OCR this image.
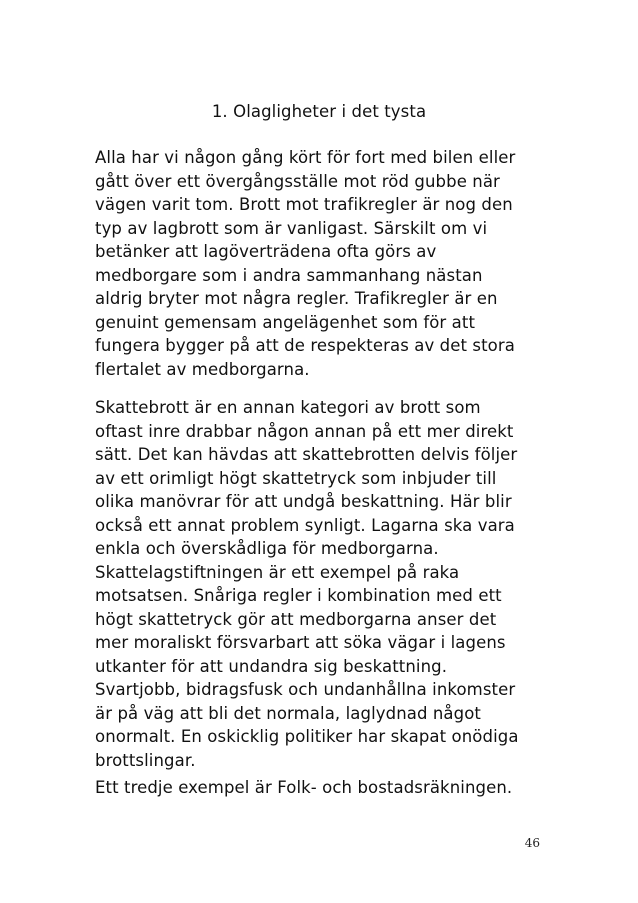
1. Olagligheter i det tysta
Alla har vi någon gång kört för fort med bilen eller
gått över ett övergångsställe mot röd gubbe när
vägen varit tom. Brott mot trafikregler är nog den
typ av lagbrott som är vanligast. Särskilt om vi
betänker att lagöverträdena ofta görs av
medborgare som i andra sammanhang nästan
aldrig bryter mot några regler. Trafikregler är en
genuint gemensam angelägenhet som för att
fungera bygger på att de respekteras av det stora
flertalet av medborgarna.
Skattebrott är en annan kategori av brott som
oftast inre drabbar någon annan på ett mer direkt
sätt. Det kan hävdas att skattebrotten delvis följer
av ett orimligt högt skattetryck som inbjuder till
olika manövrar för att undgå beskattning. Här blir
också ett annat problem synligt. Lagarna ska vara
enkla och överskådliga för medborgarna.
Skattelagstiftningen är ett exempel på raka
motsatsen. Snåriga regler i kombination med ett
högt skattetryck gör att medborgarna anser det
mer moraliskt försvarbart att söka vägar i lagens
utkanter för att undandra sig beskattning.
Svartjobb, bidragsfusk och undanhållna inkomster
är på väg att bli det normala, laglydnad något
onormalt. En oskicklig politiker har skapat onödiga
brottslingar.
Ett tredje exempel är Folk- och bostadsräkningen.
46
